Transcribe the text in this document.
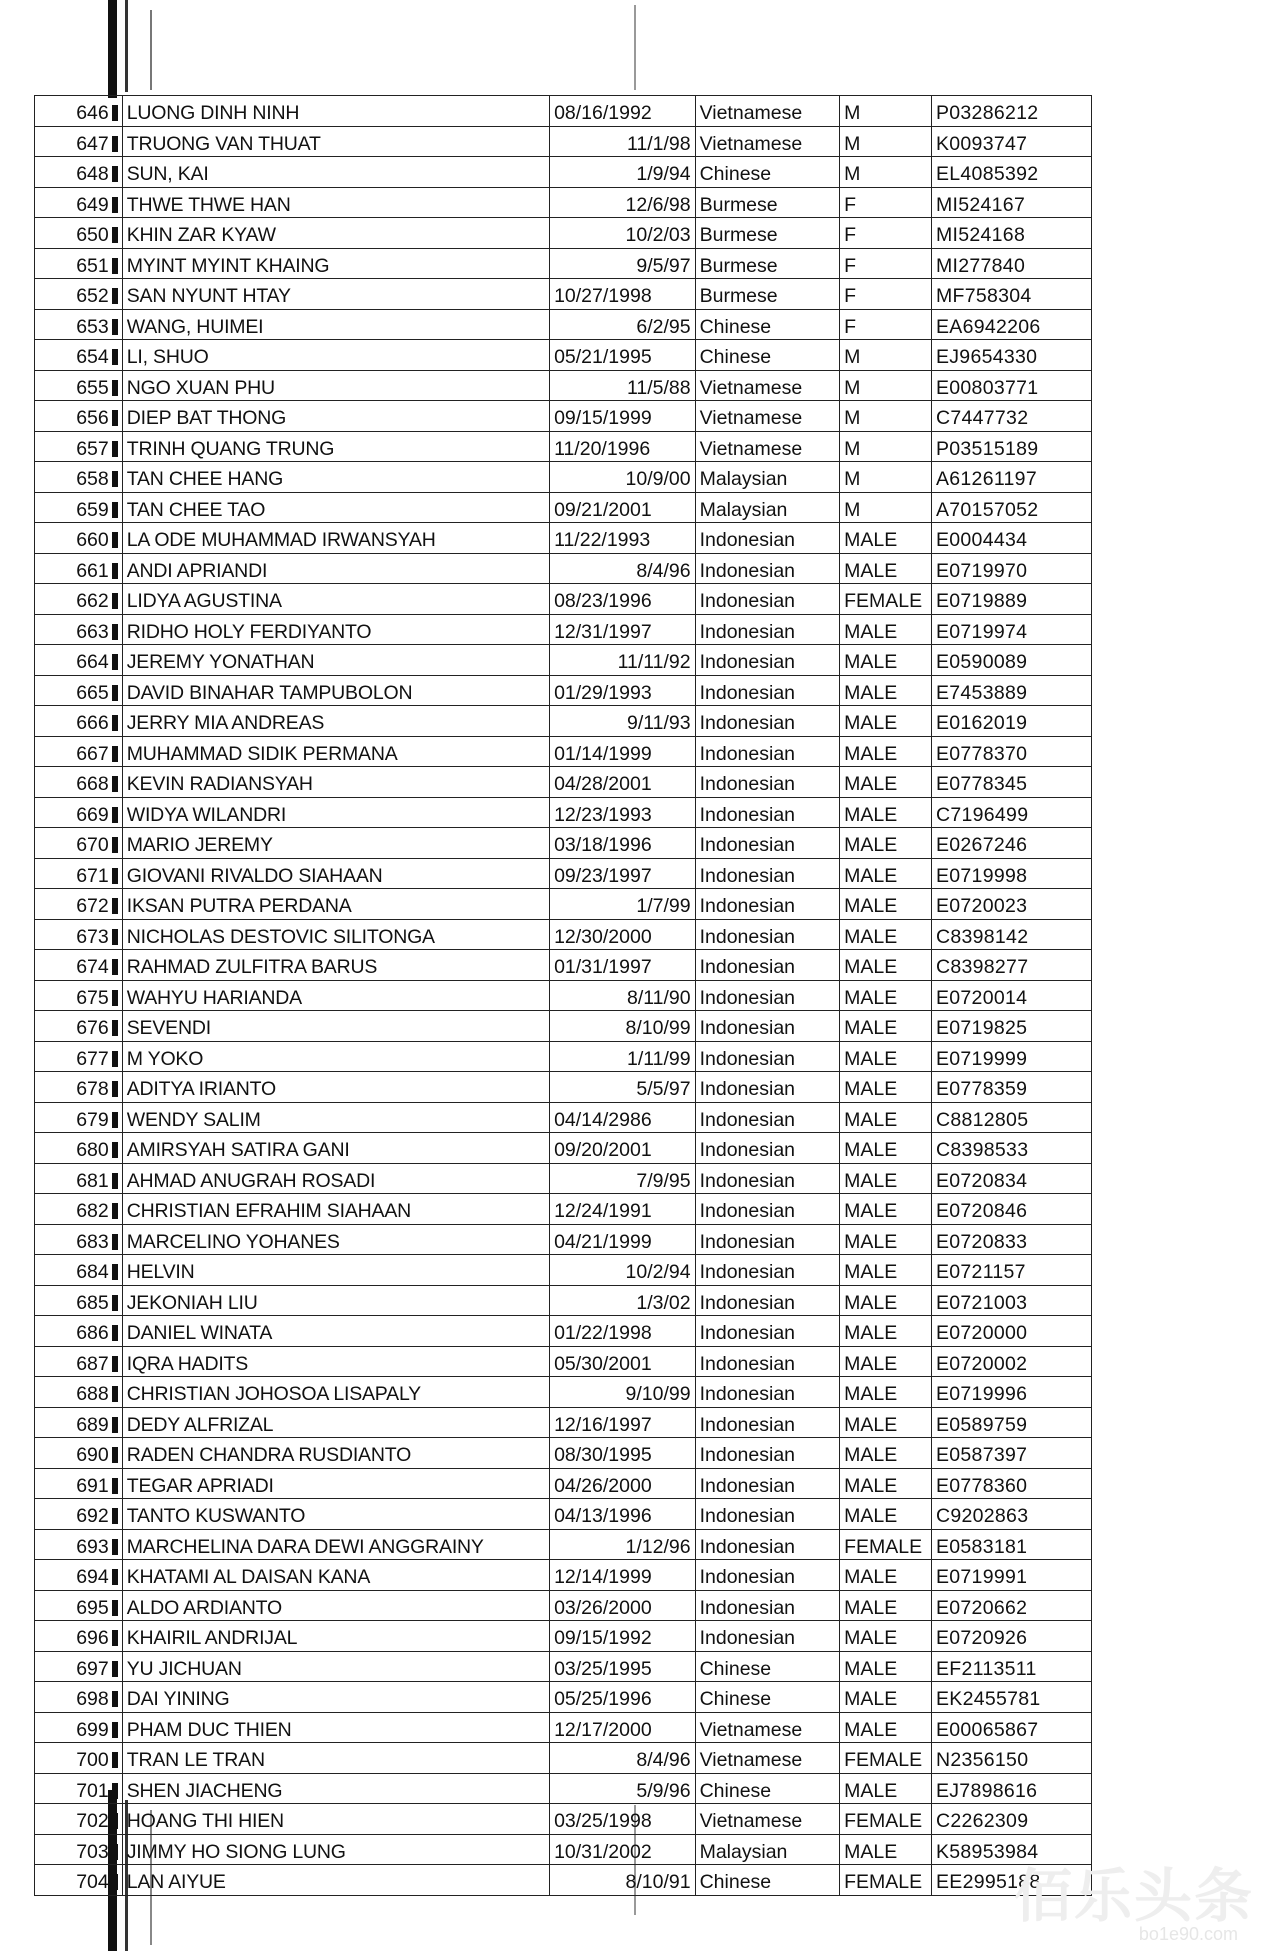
646	LUONG DINH NINH	08/16/1992	Vietnamese	M	P03286212
647	TRUONG VAN THUAT	11/1/98	Vietnamese	M	K0093747
648	SUN, KAI	1/9/94	Chinese	M	EL4085392
649	THWE THWE HAN	12/6/98	Burmese	F	MI524167
650	KHIN ZAR KYAW	10/2/03	Burmese	F	MI524168
651	MYINT MYINT KHAING	9/5/97	Burmese	F	MI277840
652	SAN NYUNT HTAY	10/27/1998	Burmese	F	MF758304
653	WANG, HUIMEI	6/2/95	Chinese	F	EA6942206
654	LI, SHUO	05/21/1995	Chinese	M	EJ9654330
655	NGO XUAN PHU	11/5/88	Vietnamese	M	E00803771
656	DIEP BAT THONG	09/15/1999	Vietnamese	M	C7447732
657	TRINH QUANG TRUNG	11/20/1996	Vietnamese	M	P03515189
658	TAN CHEE HANG	10/9/00	Malaysian	M	A61261197
659	TAN CHEE TAO	09/21/2001	Malaysian	M	A70157052
660	LA ODE MUHAMMAD IRWANSYAH	11/22/1993	Indonesian	MALE	E0004434
661	ANDI APRIANDI	8/4/96	Indonesian	MALE	E0719970
662	LIDYA AGUSTINA	08/23/1996	Indonesian	FEMALE	E0719889
663	RIDHO HOLY FERDIYANTO	12/31/1997	Indonesian	MALE	E0719974
664	JEREMY YONATHAN	11/11/92	Indonesian	MALE	E0590089
665	DAVID BINAHAR TAMPUBOLON	01/29/1993	Indonesian	MALE	E7453889
666	JERRY MIA ANDREAS	9/11/93	Indonesian	MALE	E0162019
667	MUHAMMAD SIDIK PERMANA	01/14/1999	Indonesian	MALE	E0778370
668	KEVIN RADIANSYAH	04/28/2001	Indonesian	MALE	E0778345
669	WIDYA WILANDRI	12/23/1993	Indonesian	MALE	C7196499
670	MARIO JEREMY	03/18/1996	Indonesian	MALE	E0267246
671	GIOVANI RIVALDO SIAHAAN	09/23/1997	Indonesian	MALE	E0719998
672	IKSAN PUTRA PERDANA	1/7/99	Indonesian	MALE	E0720023
673	NICHOLAS DESTOVIC SILITONGA	12/30/2000	Indonesian	MALE	C8398142
674	RAHMAD ZULFITRA BARUS	01/31/1997	Indonesian	MALE	C8398277
675	WAHYU HARIANDA	8/11/90	Indonesian	MALE	E0720014
676	SEVENDI	8/10/99	Indonesian	MALE	E0719825
677	M YOKO	1/11/99	Indonesian	MALE	E0719999
678	ADITYA IRIANTO	5/5/97	Indonesian	MALE	E0778359
679	WENDY SALIM	04/14/2986	Indonesian	MALE	C8812805
680	AMIRSYAH SATIRA GANI	09/20/2001	Indonesian	MALE	C8398533
681	AHMAD ANUGRAH ROSADI	7/9/95	Indonesian	MALE	E0720834
682	CHRISTIAN EFRAHIM SIAHAAN	12/24/1991	Indonesian	MALE	E0720846
683	MARCELINO YOHANES	04/21/1999	Indonesian	MALE	E0720833
684	HELVIN	10/2/94	Indonesian	MALE	E0721157
685	JEKONIAH LIU	1/3/02	Indonesian	MALE	E0721003
686	DANIEL WINATA	01/22/1998	Indonesian	MALE	E0720000
687	IQRA HADITS	05/30/2001	Indonesian	MALE	E0720002
688	CHRISTIAN JOHOSOA LISAPALY	9/10/99	Indonesian	MALE	E0719996
689	DEDY ALFRIZAL	12/16/1997	Indonesian	MALE	E0589759
690	RADEN CHANDRA RUSDIANTO	08/30/1995	Indonesian	MALE	E0587397
691	TEGAR APRIADI	04/26/2000	Indonesian	MALE	E0778360
692	TANTO KUSWANTO	04/13/1996	Indonesian	MALE	C9202863
693	MARCHELINA DARA DEWI ANGGRAINY	1/12/96	Indonesian	FEMALE	E0583181
694	KHATAMI AL DAISAN KANA	12/14/1999	Indonesian	MALE	E0719991
695	ALDO ARDIANTO	03/26/2000	Indonesian	MALE	E0720662
696	KHAIRIL ANDRIJAL	09/15/1992	Indonesian	MALE	E0720926
697	YU JICHUAN	03/25/1995	Chinese	MALE	EF2113511
698	DAI YINING	05/25/1996	Chinese	MALE	EK2455781
699	PHAM DUC THIEN	12/17/2000	Vietnamese	MALE	E00065867
700	TRAN LE TRAN	8/4/96	Vietnamese	FEMALE	N2356150
701	SHEN JIACHENG	5/9/96	Chinese	MALE	EJ7898616
702	HOANG THI HIEN	03/25/1998	Vietnamese	FEMALE	C2262309
703	JIMMY HO SIONG LUNG	10/31/2002	Malaysian	MALE	K58953984
704	LAN AIYUE	8/10/91	Chinese	FEMALE	EE2995188
佰乐头条
bo1e90.com
